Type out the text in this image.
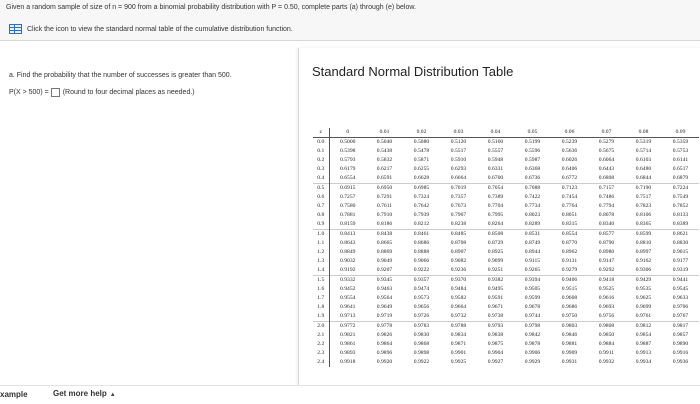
Given a random sample of size of n = 900 from a binomial probability distribution with P = 0.50, complete parts (a) through (e) below.
Click the icon to view the standard normal table of the cumulative distribution function.
a. Find the probability that the number of successes is greater than 500.
P(X > 500) = (Round to four decimal places as needed.)
Standard Normal Distribution Table
z	0	0.01	0.02	0.03	0.04	0.05	0.06	0.07	0.08	0.09
0.0	0.5000	0.5040	0.5080	0.5120	0.5160	0.5199	0.5239	0.5279	0.5319	0.5359
0.1	0.5398	0.5438	0.5478	0.5517	0.5557	0.5596	0.5636	0.5675	0.5714	0.5753
0.2	0.5793	0.5832	0.5871	0.5910	0.5948	0.5987	0.6026	0.6064	0.6103	0.6141
0.3	0.6179	0.6217	0.6255	0.6293	0.6331	0.6368	0.6406	0.6443	0.6480	0.6517
0.4	0.6554	0.6591	0.6628	0.6664	0.6700	0.6736	0.6772	0.6808	0.6844	0.6879
0.5	0.6915	0.6950	0.6985	0.7019	0.7054	0.7088	0.7123	0.7157	0.7190	0.7224
0.6	0.7257	0.7291	0.7324	0.7357	0.7389	0.7422	0.7454	0.7486	0.7517	0.7549
0.7	0.7580	0.7611	0.7642	0.7673	0.7704	0.7734	0.7764	0.7794	0.7823	0.7852
0.8	0.7881	0.7910	0.7939	0.7967	0.7995	0.8023	0.8051	0.8078	0.8106	0.8133
0.9	0.8159	0.8186	0.8212	0.8238	0.8264	0.8289	0.8315	0.8340	0.8365	0.8389
1.0	0.8413	0.8438	0.8461	0.8485	0.8508	0.8531	0.8554	0.8577	0.8599	0.8621
1.1	0.8643	0.8665	0.8686	0.8708	0.8729	0.8749	0.8770	0.8790	0.8810	0.8830
1.2	0.8849	0.8869	0.8888	0.8907	0.8925	0.8944	0.8962	0.8980	0.8997	0.9015
1.3	0.9032	0.9049	0.9066	0.9082	0.9099	0.9115	0.9131	0.9147	0.9162	0.9177
1.4	0.9192	0.9207	0.9222	0.9236	0.9251	0.9265	0.9279	0.9292	0.9306	0.9319
1.5	0.9332	0.9345	0.9357	0.9370	0.9382	0.9394	0.9406	0.9418	0.9429	0.9441
1.6	0.9452	0.9463	0.9474	0.9484	0.9495	0.9505	0.9515	0.9525	0.9535	0.9545
1.7	0.9554	0.9564	0.9573	0.9582	0.9591	0.9599	0.9608	0.9616	0.9625	0.9633
1.8	0.9641	0.9649	0.9656	0.9664	0.9671	0.9678	0.9686	0.9693	0.9699	0.9706
1.9	0.9713	0.9719	0.9726	0.9732	0.9738	0.9744	0.9750	0.9756	0.9761	0.9767
2.0	0.9772	0.9778	0.9783	0.9788	0.9793	0.9798	0.9803	0.9808	0.9812	0.9817
2.1	0.9821	0.9826	0.9830	0.9834	0.9838	0.9842	0.9846	0.9850	0.9854	0.9857
2.2	0.9861	0.9864	0.9868	0.9871	0.9875	0.9878	0.9881	0.9884	0.9887	0.9890
2.3	0.9893	0.9896	0.9898	0.9901	0.9904	0.9906	0.9909	0.9911	0.9913	0.9916
2.4	0.9918	0.9920	0.9922	0.9925	0.9927	0.9929	0.9931	0.9932	0.9934	0.9936
xample	Get more help ▲
